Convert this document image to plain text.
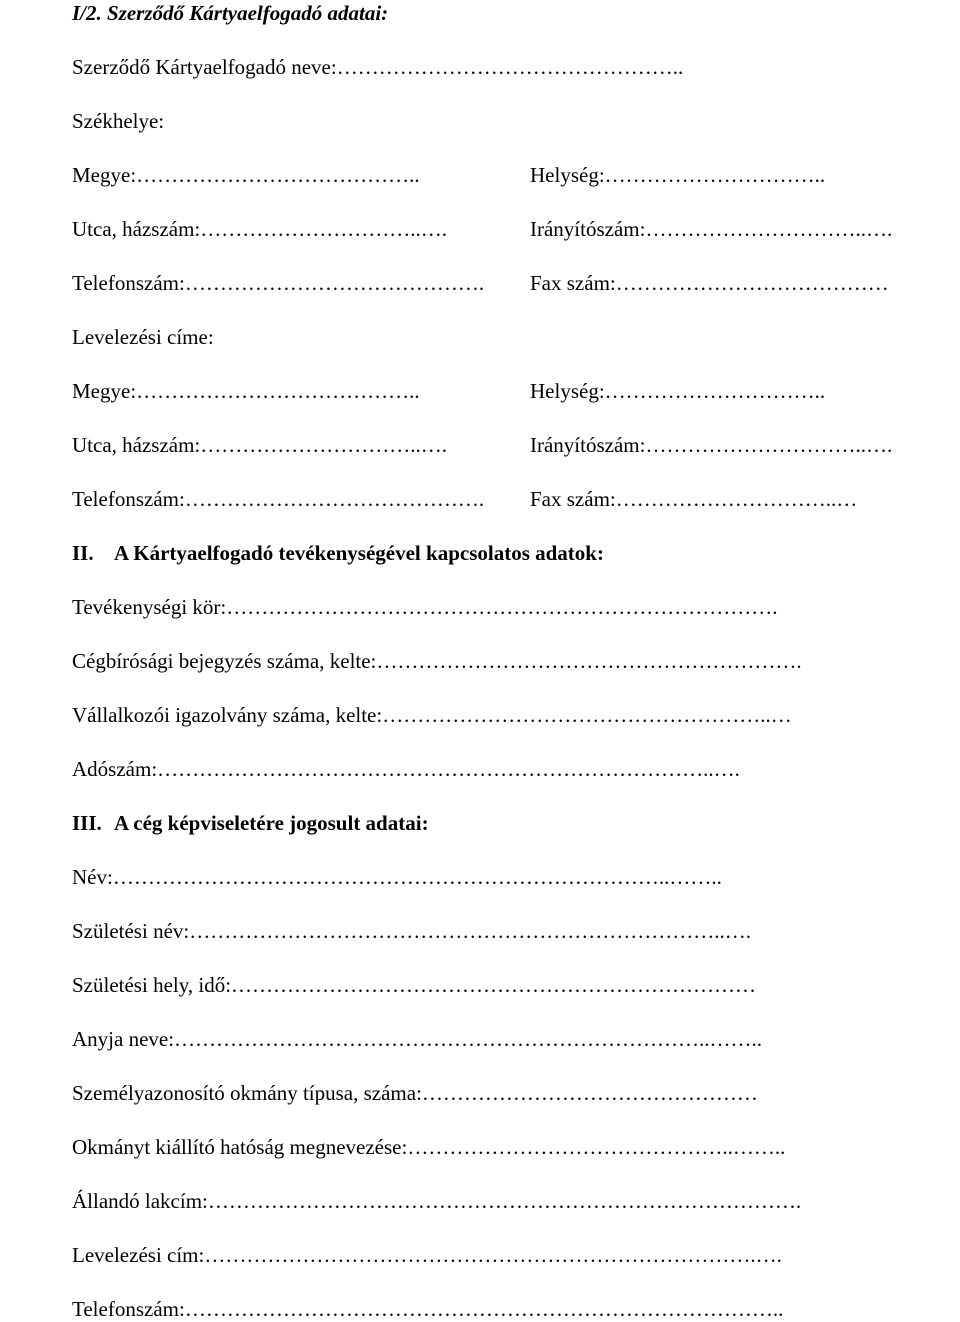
I/2. Szerződő Kártyaelfogadó adatai:
Szerződő Kártyaelfogadó neve:…………………………………………..
Székhelye:
Megye:…………………………………..	Helység:…………………………..
Utca, házszám:…………………………..….	Irányítószám:…………………………..….
Telefonszám:……………………………………. Fax szám:…………………………………
Levelezési címe:
Megye:…………………………………..	Helység:…………………………..
Utca, házszám:…………………………..….	Irányítószám:…………………………..….
Telefonszám:……………………………………. Fax szám:…………………………..…
II. A Kártyaelfogadó tevékenységével kapcsolatos adatok:
Tevékenységi kör:…………………………………………………………………….
Cégbírósági bejegyzés száma, kelte:…………………………………………………….
Vállalkozói igazolvány száma, kelte:………………………………………………..…
Adószám:……………………………………………………………………..….
III. A cég képviseletére jogosult adatai:
Név:……………………………………………………………………..……..
Születési név:…………………………………………………………………..….
Születési hely, idő:…………………………………………………………………
Anyja neve:…………………………………………………………………..……..
Személyazonosító okmány típusa, száma:…………………………………………
Okmányt kiállító hatóság megnevezése:………………………………………..……..
Állandó lakcím:………………………………………………………………………….
Levelezési cím:…………………………………………………………………….….
Telefonszám:…………………………………………………………………………..
